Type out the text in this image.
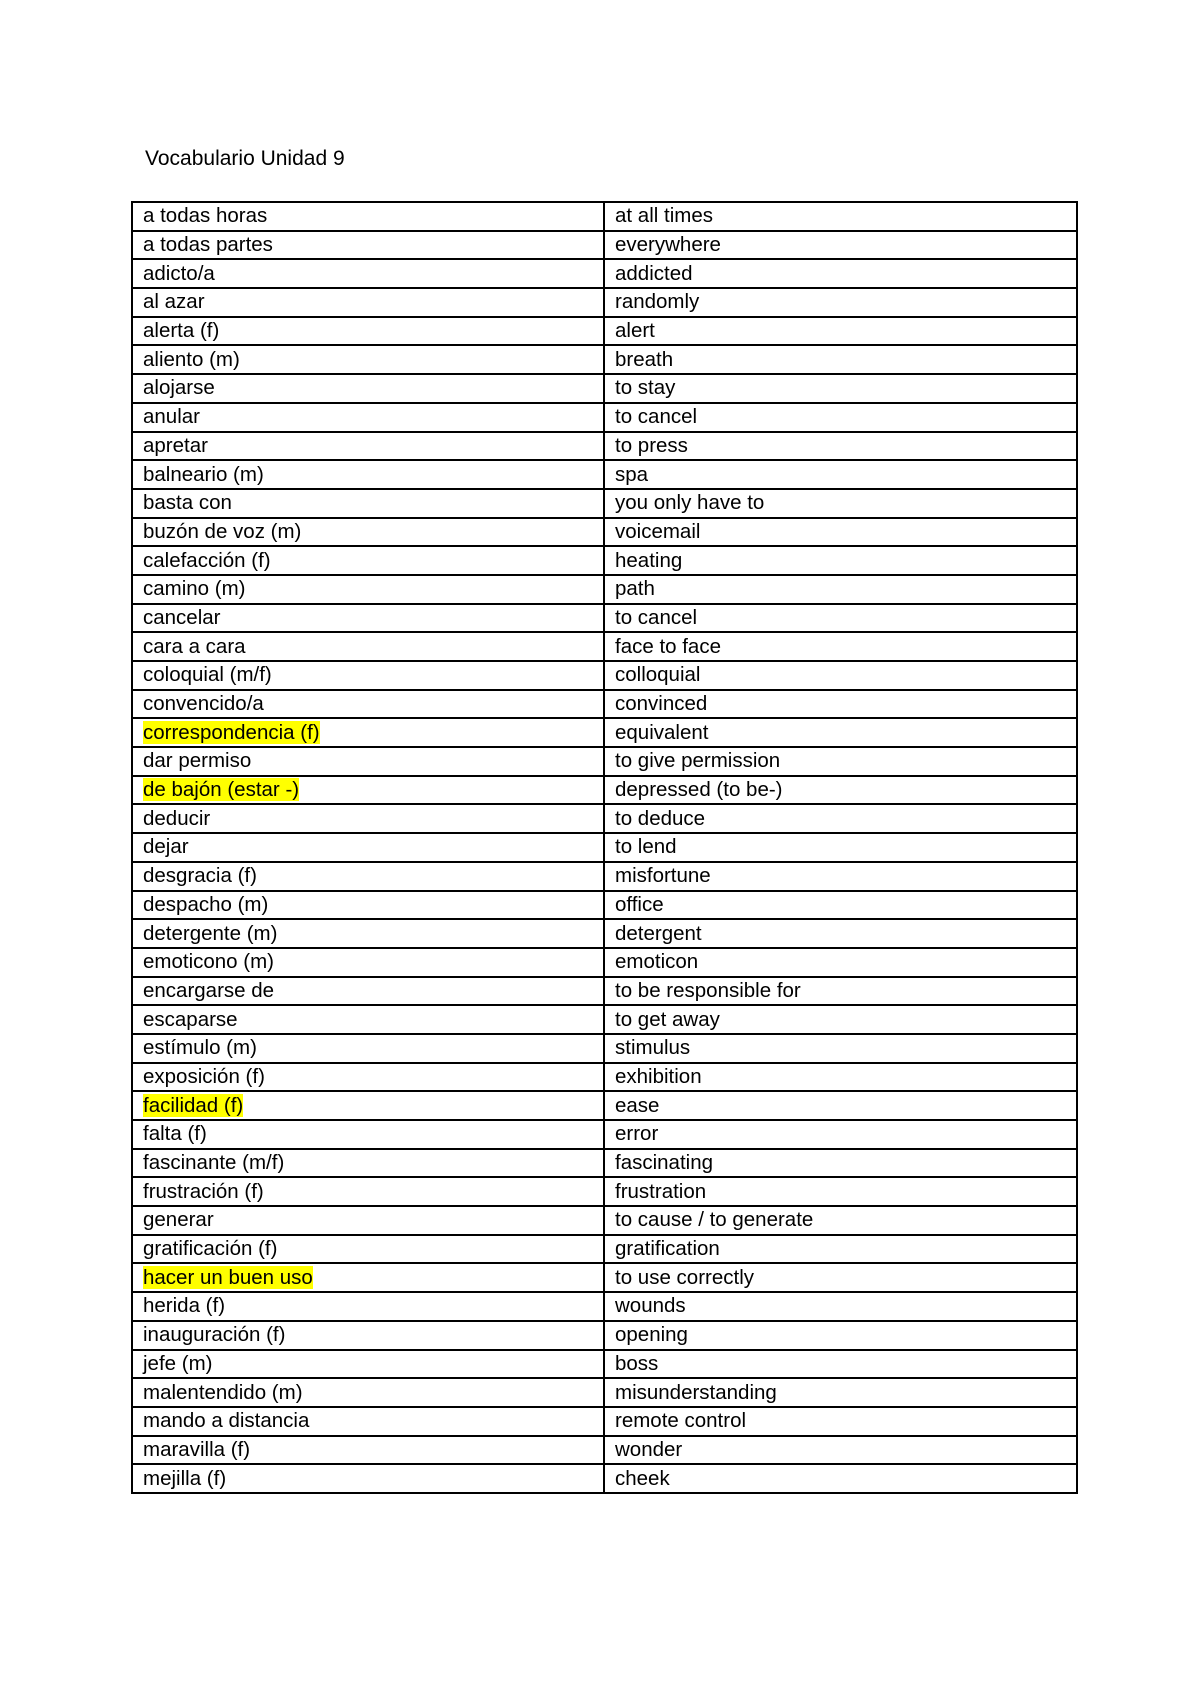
Vocabulario Unidad 9
a todas horas	at all times
a todas partes	everywhere
adicto/a	addicted
al azar	randomly
alerta (f)	alert
aliento (m)	breath
alojarse	to stay
anular	to cancel
apretar	to press
balneario (m)	spa
basta con	you only have to
buzón de voz (m)	voicemail
calefacción (f)	heating
camino (m)	path
cancelar	to cancel
cara a cara	face to face
coloquial (m/f)	colloquial
convencido/a	convinced
correspondencia (f)	equivalent
dar permiso	to give permission
de bajón (estar -)	depressed (to be-)
deducir	to deduce
dejar	to lend
desgracia (f)	misfortune
despacho (m)	office
detergente (m)	detergent
emoticono (m)	emoticon
encargarse de	to be responsible for
escaparse	to get away
estímulo (m)	stimulus
exposición (f)	exhibition
facilidad (f)	ease
falta (f)	error
fascinante (m/f)	fascinating
frustración (f)	frustration
generar	to cause / to generate
gratificación (f)	gratification
hacer un buen uso	to use correctly
herida (f)	wounds
inauguración (f)	opening
jefe (m)	boss
malentendido (m)	misunderstanding
mando a distancia	remote control
maravilla (f)	wonder
mejilla (f)	cheek
